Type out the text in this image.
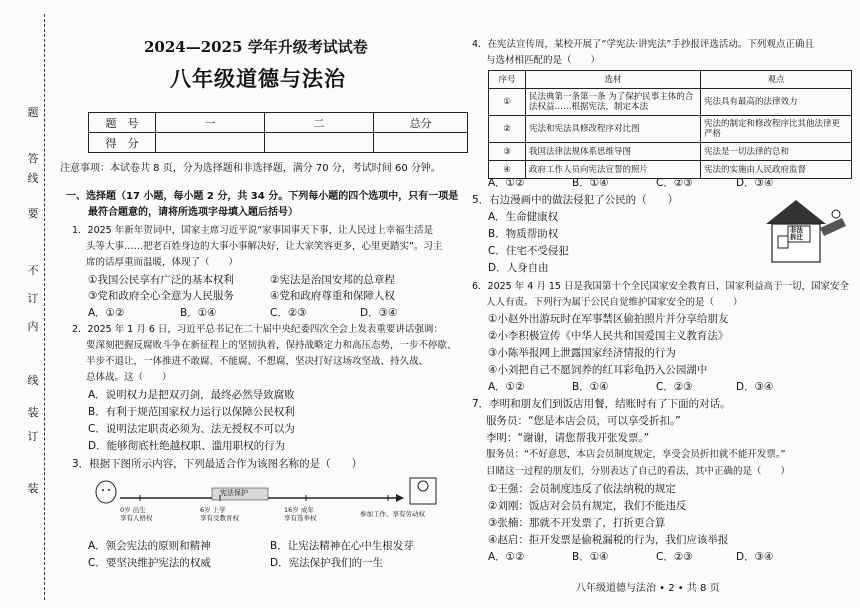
题
答
要
不
内
线
线
订
装
订
装
2024—2025 学年升级考试试卷
八年级道德与法治
题　号	一	二	总分
得　分			
注意事项：本试卷共 8 页，分为选择题和非选择题，满分 70 分，考试时间 60 分钟。
一、选择题（17 小题，每小题 2 分，共 34 分。下列每小题的四个选项中，只有一项是
最符合题意的，请将所选项字母填入题后括号）
1．2025 年新年贺词中，国家主席习近平说“家事国事天下事，让人民过上幸福生活是
头等大事……把老百姓身边的大事小事解决好，让大家笑容更多，心里更踏实”。习主
席的话厚重而温暖，体现了（　　）
①我国公民享有广泛的基本权利	②宪法是治国安邦的总章程
③党和政府全心全意为人民服务	④党和政府尊重和保障人权
A．①②	B．①④	C．②③	D．③④
2．2025 年 1 月 6 日，习近平总书记在二十届中央纪委四次全会上发表重要讲话强调：
要深刻把握反腐败斗争在新征程上的坚韧执着，保持战略定力和高压态势，一步不停歇、
半步不退让，一体推进不敢腐、不能腐、不想腐，坚决打好这场攻坚战、持久战、
总体战。这（　　）
A．说明权力是把双刃剑，最终必然导致腐败
B．有利于规范国家权力运行以保障公民权利
C．说明法定职责必须为、法无授权不可以为
D．能够彻底杜绝越权职、滥用职权的行为
3．根据下图所示内容，下列最适合作为该图名称的是（　　）
宪法保护
0岁 出生
享有人格权
6岁 上学
享有受教育权
16岁 成年
享有选举权	参加工作、享有劳动权
A．领会宪法的原则和精神	B．让宪法精神在心中生根发芽
C．要坚决维护宪法的权威	D．宪法保护我们的一生
4．在宪法宣传周，某校开展了“学宪法·讲宪法”手抄报评选活动。下列观点正确且
与选材相匹配的是（　　）
序号	选材	观点
①	民法典第一条第一条 为了保护民事主体的合法权益……根据宪法，制定本法	宪法具有最高的法律效力
②	宪法和宪法具修改程序对比图	宪法的制定和修改程序比其他法律更严格
③	我国法律法规体系思维导图	宪法是一切法律的总和
④	政府工作人员向宪法宣誓的照片	宪法的实施由人民政府监督
A．①②	B．①④	C．②③	D．③④
5．右边漫画中的做法侵犯了公民的（　　）
A．生命健康权
B．物质帮助权
C．住宅不受侵犯
D．人身自由
非法
拆迁
6．2025 年 4 月 15 日是我国第十个全民国家安全教育日，国家利益高于一切，国家安全
人人有责。下列行为属于公民自觉维护国家安全的是（　　）
①小赵外出游玩时在军事禁区偷拍照片并分享给朋友
②小李积极宣传《中华人民共和国爱国主义教育法》
③小陈举报网上泄露国家经济情报的行为
④小刘把自己不愿饲养的红耳彩龟扔入公园湖中
A．①②	B．①④	C．②③	D．③④
7．李明和朋友们到饭店用餐，结账时有了下面的对话。
服务员：“您是本店会员，可以享受折扣。”
李明：“谢谢，请您帮我开张发票。”
服务员：“不好意思，本店会员制度规定，享受会员折扣就不能开发票。”
目睹这一过程的朋友们，分别表达了自己的看法，其中正确的是（　　）
①王强：会员制度违反了依法纳税的规定
②刘刚：饭店对会员有规定，我们不能违反
③张楠：那就不开发票了，打折更合算
④赵启：拒开发票是偷税漏税的行为，我们应该举报
A．①②	B．①④	C．②③	D．③④
八年级道德与法治 • 2 • 共 8 页
